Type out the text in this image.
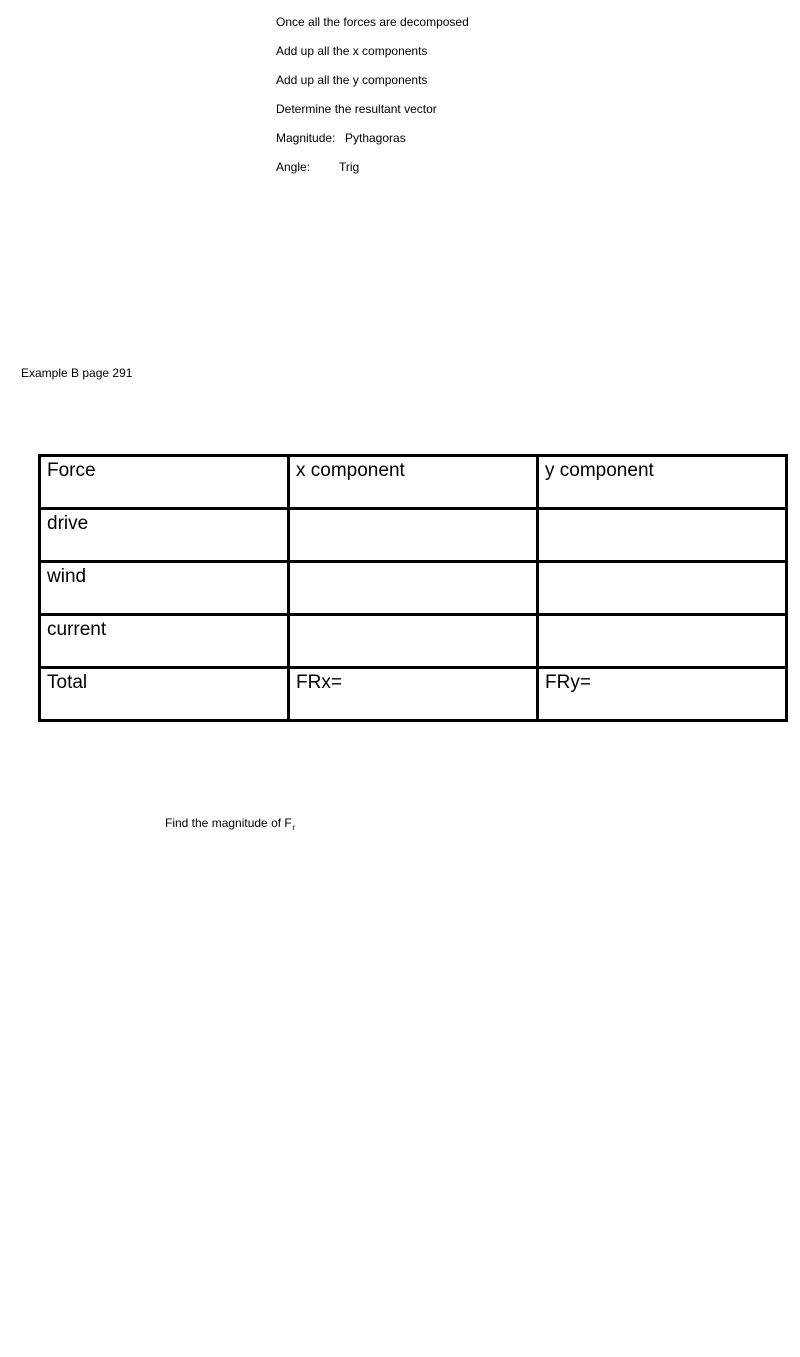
Once all the forces are decomposed
Add up all the x components
Add up all the y components
Determine the resultant vector
Magnitude: Pythagoras
Angle: Trig
Example B page 291
Force	x component	y component
drive		
wind		
current		
Total	FRx=	FRy=
Find the magnitude of $F_r$
